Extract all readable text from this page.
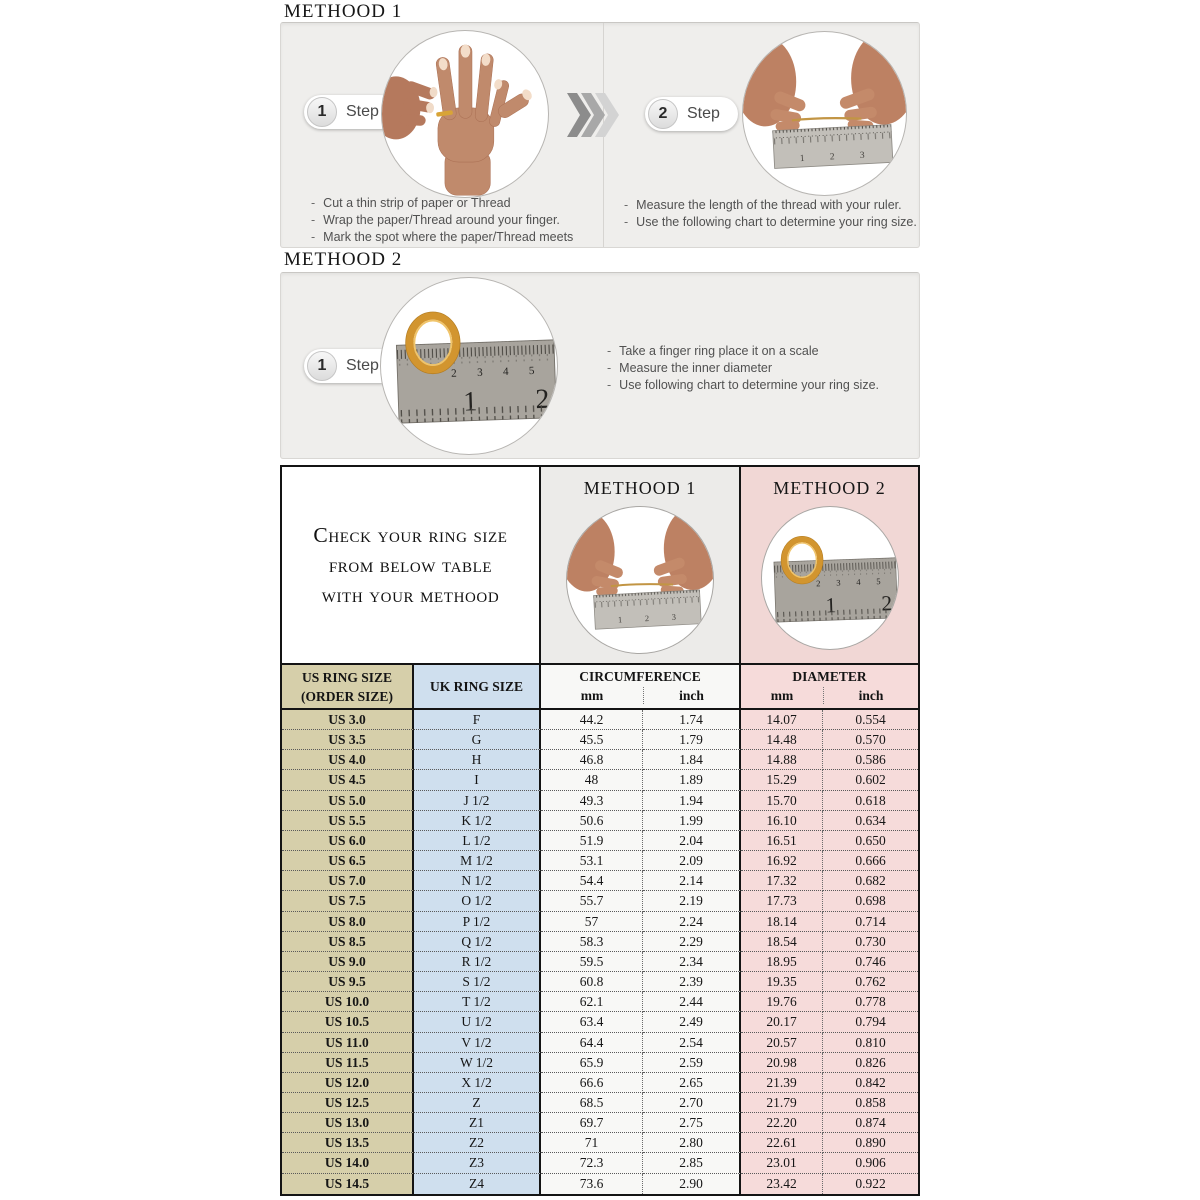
METHOOD 1
1	Step
- Cut a thin strip of paper or Thread
- Wrap the paper/Thread around your finger.
- Mark the spot where the paper/Thread meets
2	Step
- Measure the length of the thread with your ruler.
- Use the following chart to determine your ring size.
METHOOD 2
1	Step
- Take a finger ring place it on a scale
- Measure the inner diameter
- Use following chart to determine your ring size.
Check your ring size
from below table
with your methood
METHOOD 1	METHOOD 2
US RING SIZE
(ORDER SIZE)
UK RING SIZE
CIRCUMFERENCE
mm	inch
DIAMETER
mm	inch
US 3.0	F	44.2	1.74	14.07	0.554
US 3.5	G	45.5	1.79	14.48	0.570
US 4.0	H	46.8	1.84	14.88	0.586
US 4.5	I	48	1.89	15.29	0.602
US 5.0	J 1/2	49.3	1.94	15.70	0.618
US 5.5	K 1/2	50.6	1.99	16.10	0.634
US 6.0	L 1/2	51.9	2.04	16.51	0.650
US 6.5	M 1/2	53.1	2.09	16.92	0.666
US 7.0	N 1/2	54.4	2.14	17.32	0.682
US 7.5	O 1/2	55.7	2.19	17.73	0.698
US 8.0	P 1/2	57	2.24	18.14	0.714
US 8.5	Q 1/2	58.3	2.29	18.54	0.730
US 9.0	R 1/2	59.5	2.34	18.95	0.746
US 9.5	S 1/2	60.8	2.39	19.35	0.762
US 10.0	T 1/2	62.1	2.44	19.76	0.778
US 10.5	U 1/2	63.4	2.49	20.17	0.794
US 11.0	V 1/2	64.4	2.54	20.57	0.810
US 11.5	W 1/2	65.9	2.59	20.98	0.826
US 12.0	X 1/2	66.6	2.65	21.39	0.842
US 12.5	Z	68.5	2.70	21.79	0.858
US 13.0	Z1	69.7	2.75	22.20	0.874
US 13.5	Z2	71	2.80	22.61	0.890
US 14.0	Z3	72.3	2.85	23.01	0.906
US 14.5	Z4	73.6	2.90	23.42	0.922
